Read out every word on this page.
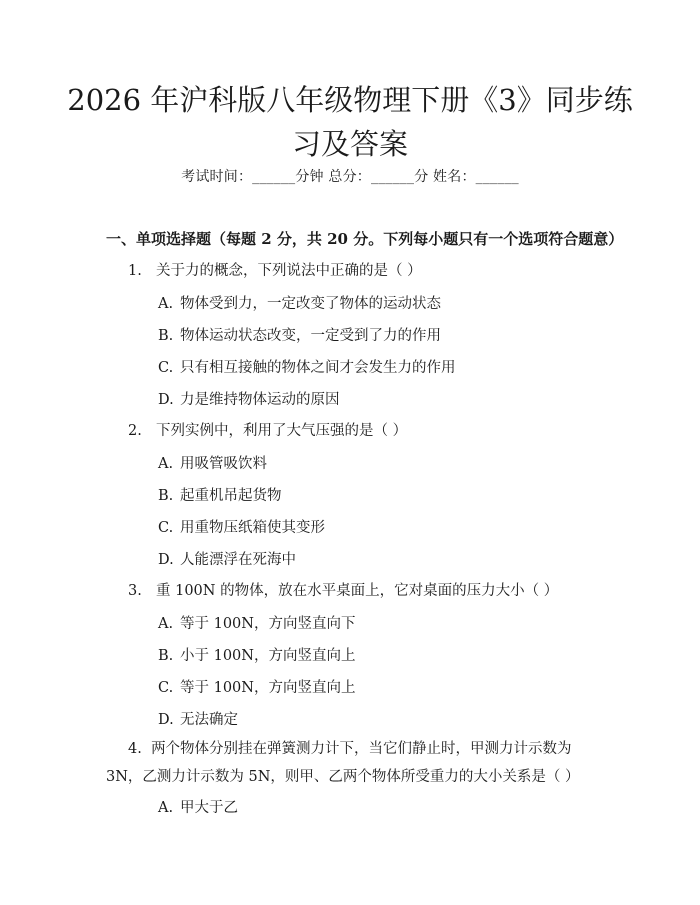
2026 年沪科版八年级物理下册《3》同步练习及答案
考试时间：______分钟 总分：______分 姓名：______
一、单项选择题（每题 2 分，共 20 分。下列每小题只有一个选项符合题意）
1. 关于力的概念，下列说法中正确的是（ ）
A. 物体受到力，一定改变了物体的运动状态
B. 物体运动状态改变，一定受到了力的作用
C. 只有相互接触的物体之间才会发生力的作用
D. 力是维持物体运动的原因
2. 下列实例中，利用了大气压强的是（ ）
A. 用吸管吸饮料
B. 起重机吊起货物
C. 用重物压纸箱使其变形
D. 人能漂浮在死海中
3. 重 100N 的物体，放在水平桌面上，它对桌面的压力大小（ ）
A. 等于 100N，方向竖直向下
B. 小于 100N，方向竖直向上
C. 等于 100N，方向竖直向上
D. 无法确定
4. 两个物体分别挂在弹簧测力计下，当它们静止时，甲测力计示数为 3N，乙测力计示数为 5N，则甲、乙两个物体所受重力的大小关系是（ ）
A. 甲大于乙
